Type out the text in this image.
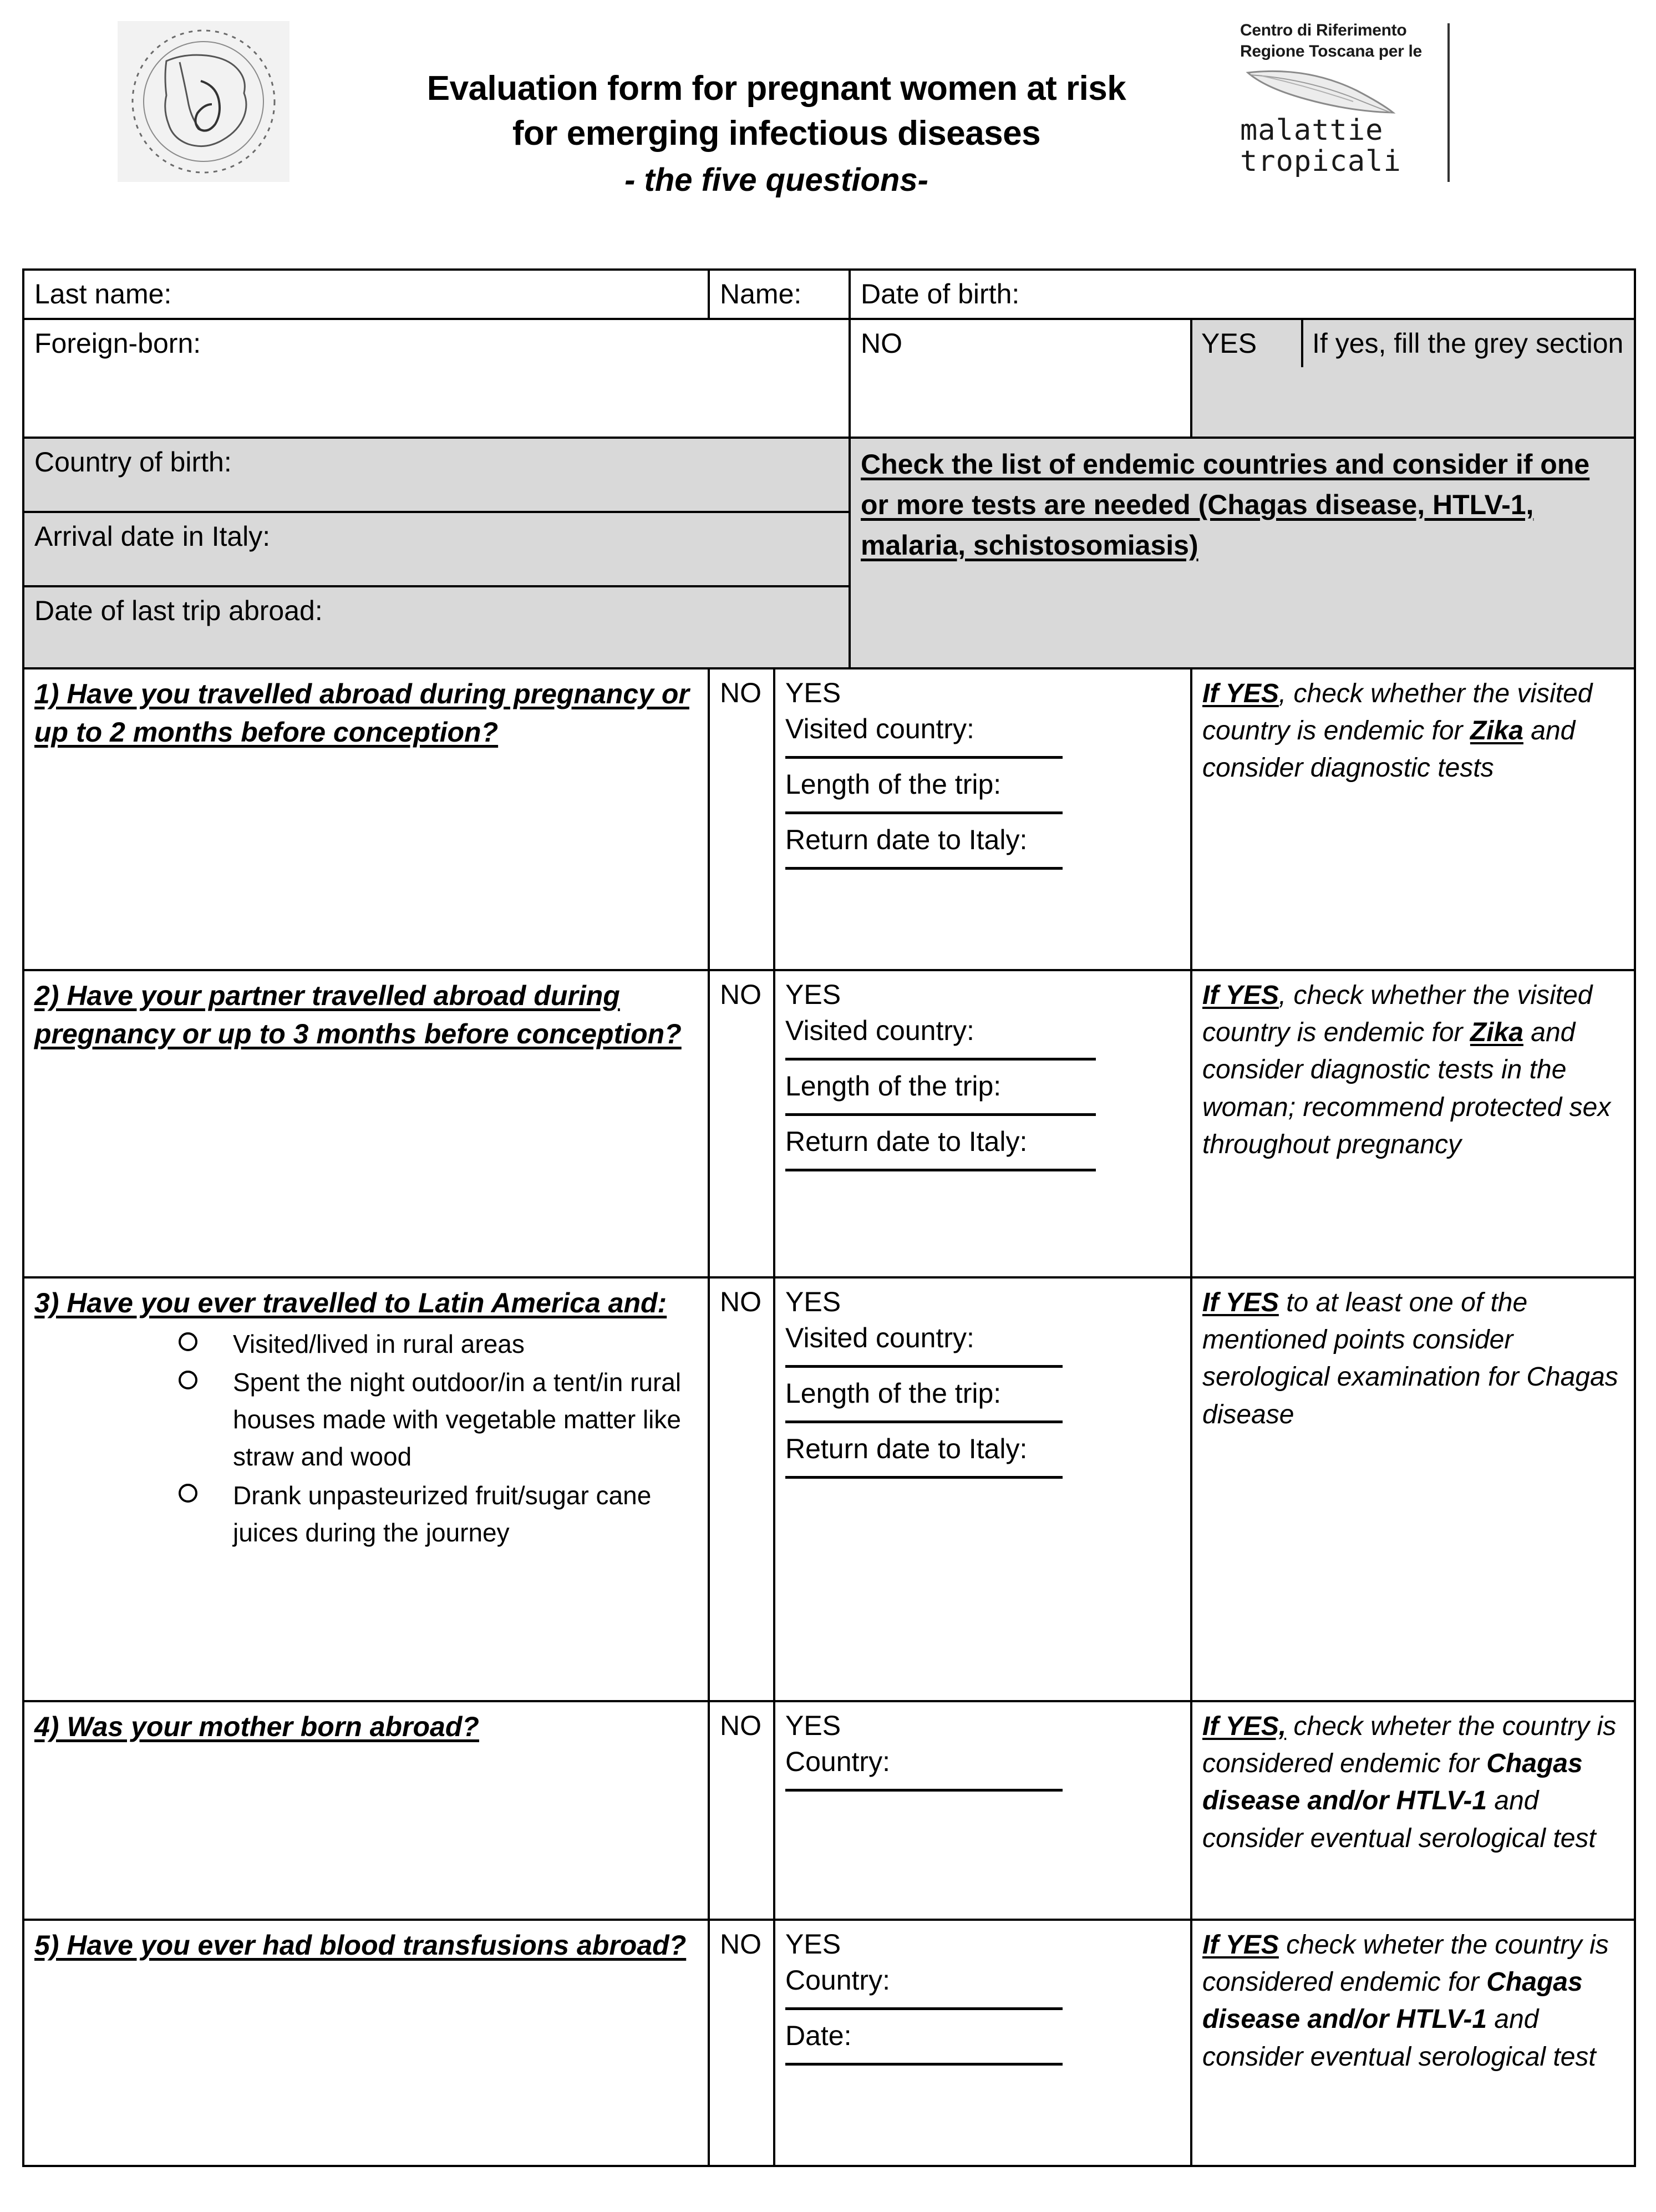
Evaluation form for pregnant women at risk
for emerging infectious diseases
- the five questions-
Centro di Riferimento
Regione Toscana per le
malattie
tropicali
Last name:	Name:	Date of birth:
Foreign-born:	NO		YES	If yes, fill the grey section

Country of birth:	Check the list of endemic countries and consider if one or more tests are needed (Chagas disease, HTLV-1, malaria, schistosomiasis)
Arrival date in Italy:
Date of last trip abroad:
1) Have you travelled abroad during pregnancy or up to 2 months before conception?	NO	YES
Visited country:
Length of the trip:
Return date to Italy:
	If YES, check whether the visited country is endemic for Zika and consider diagnostic tests
2) Have your partner travelled abroad during pregnancy or up to 3 months before conception?	NO	YES
Visited country:
Length of the trip:
Return date to Italy:
	If YES, check whether the visited country is endemic for Zika and consider diagnostic tests in the woman; recommend protected sex throughout pregnancy
3) Have you ever travelled to Latin America and:
Visited/lived in rural areas
Spent the night outdoor/in a tent/in rural houses made with vegetable matter like straw and wood
Drank unpasteurized fruit/sugar cane juices during the journey
	NO	YES
Visited country:
Length of the trip:
Return date to Italy:
	If YES to at least one of the mentioned points consider serological examination for Chagas disease
4) Was your mother born abroad?	NO	YES
Country:
	If YES, check wheter the country is considered endemic for Chagas disease and/or HTLV-1 and consider eventual serological test
5) Have you ever had blood transfusions abroad?	NO	YES
Country:
Date:
	If YES check wheter the country is considered endemic for Chagas disease and/or HTLV-1 and consider eventual serological test
